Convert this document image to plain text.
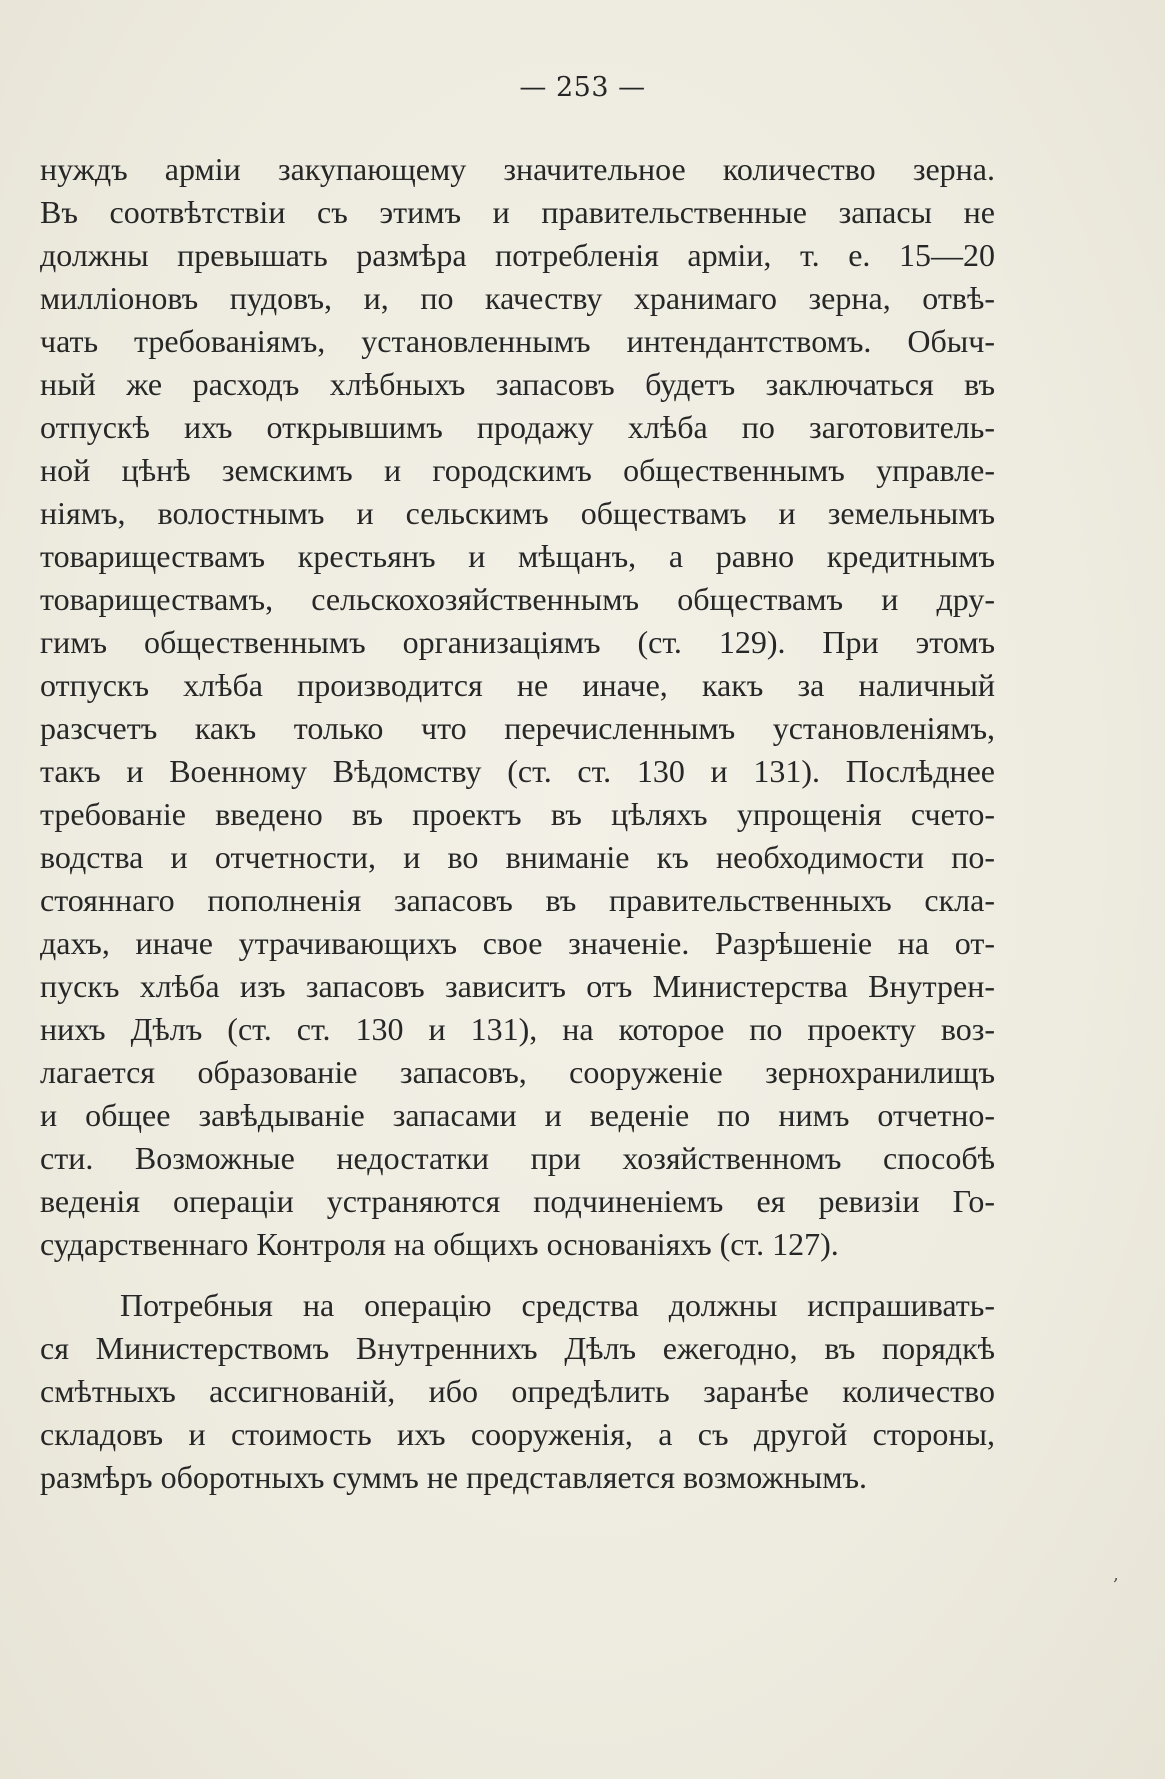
— 253 —
нуждъ арміи закупающему значительное количество зерна.
Въ соотвѣтствіи съ этимъ и правительственные запасы не
должны превышать размѣра потребленія арміи, т. е. 15—20
милліоновъ пудовъ, и, по качеству хранимаго зерна, отвѣ-
чать требованіямъ, установленнымъ интендантствомъ. Обыч-
ный же расходъ хлѣбныхъ запасовъ будетъ заключаться въ
отпускѣ ихъ открывшимъ продажу хлѣба по заготовитель-
ной цѣнѣ земскимъ и городскимъ общественнымъ управле-
ніямъ, волостнымъ и сельскимъ обществамъ и земельнымъ
товариществамъ крестьянъ и мѣщанъ, а равно кредитнымъ
товариществамъ, сельскохозяйственнымъ обществамъ и дру-
гимъ общественнымъ организаціямъ (ст. 129). При этомъ
отпускъ хлѣба производится не иначе, какъ за наличный
разсчетъ какъ только что перечисленнымъ установленіямъ,
такъ и Военному Вѣдомству (ст. ст. 130 и 131). Послѣднее
требованіе введено въ проектъ въ цѣляхъ упрощенія счето-
водства и отчетности, и во вниманіе къ необходимости по-
стояннаго пополненія запасовъ въ правительственныхъ скла-
дахъ, иначе утрачивающихъ свое значеніе. Разрѣшеніе на от-
пускъ хлѣба изъ запасовъ зависитъ отъ Министерства Внутрен-
нихъ Дѣлъ (ст. ст. 130 и 131), на которое по проекту воз-
лагается образованіе запасовъ, сооруженіе зернохранилищъ
и общее завѣдываніе запасами и веденіе по нимъ отчетно-
сти. Возможные недостатки при хозяйственномъ способѣ
веденія операціи устраняются подчиненіемъ ея ревизіи Го-
сударственнаго Контроля на общихъ основаніяхъ (ст. 127).
Потребныя на операцію средства должны испрашивать-
ся Министерствомъ Внутреннихъ Дѣлъ ежегодно, въ порядкѣ
смѣтныхъ ассигнованій, ибо опредѣлить заранѣе количество
складовъ и стоимость ихъ сооруженія, а съ другой стороны,
размѣръ оборотныхъ суммъ не представляется возможнымъ.
‚
